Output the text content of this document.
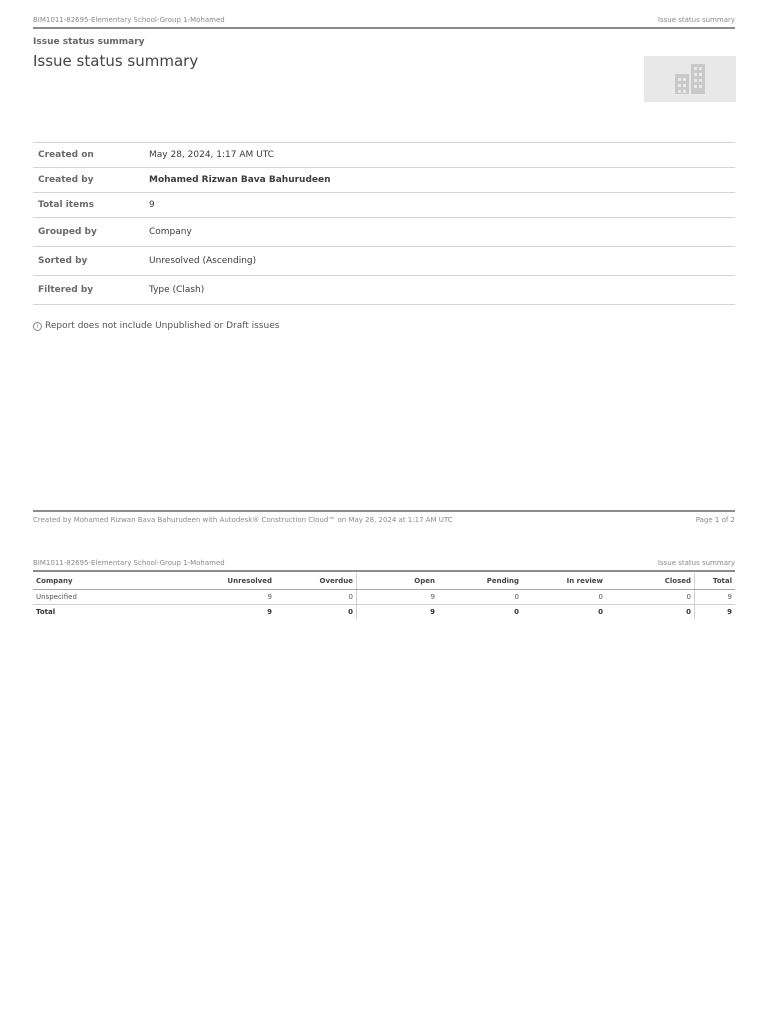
BIM1011-82695-Elementary School-Group 1-Mohamed	Issue status summary
Issue status summary
Issue status summary
Created on	May 28, 2024, 1:17 AM UTC
Created by	Mohamed Rizwan Bava Bahurudeen
Total items	9
Grouped by	Company
Sorted by	Unresolved (Ascending)
Filtered by	Type (Clash)
i Report does not include Unpublished or Draft issues
Created by Mohamed Rizwan Bava Bahurudeen with Autodesk® Construction Cloud™ on May 28, 2024 at 1:17 AM UTC	Page 1 of 2
BIM1011-82695-Elementary School-Group 1-Mohamed	Issue status summary
Company	Unresolved	Overdue	Open	Pending	In review	Closed	Total
Unspecified	9	0	9	0	0	0	9
Total	9	0	9	0	0	0	9
